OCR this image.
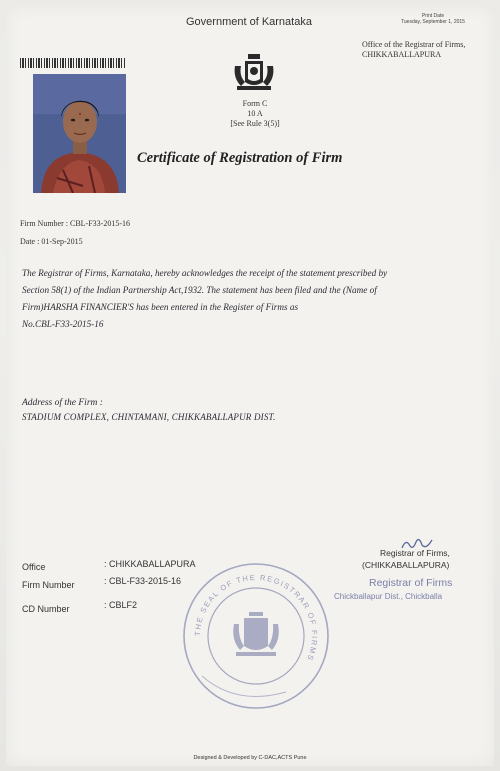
Government of Karnataka	Print Date
Tuesday, September 1, 2015
Office of the Registrar of Firms,
CHIKKABALLAPURA
Form C
10 A
[See Rule 3(5)]
Certificate of Registration of Firm
Firm Number : CBL-F33-2015-16
Date : 01-Sep-2015
The Registrar of Firms, Karnataka, hereby acknowledges the receipt of the statement prescribed by
Section 58(1) of the Indian Partnership Act,1932. The statement has been filed and the (Name of
Firm)HARSHA FINANCIER'S has been entered in the Register of Firms as
No.CBL-F33-2015-16
Address of the Firm :
STADIUM COMPLEX, CHINTAMANI, CHIKKABALLAPUR DIST.
Office	: CHIKKABALLAPURA
Firm Number	: CBL-F33-2015-16
CD Number	: CBLF2
Registrar of Firms,
(CHIKKABALLAPURA)
Registrar of Firms
Chickballapur Dist., Chickballa
THE SEAL OF THE REGISTRAR OF FIRMS
Designed & Developed by C-DAC,ACTS Pune
